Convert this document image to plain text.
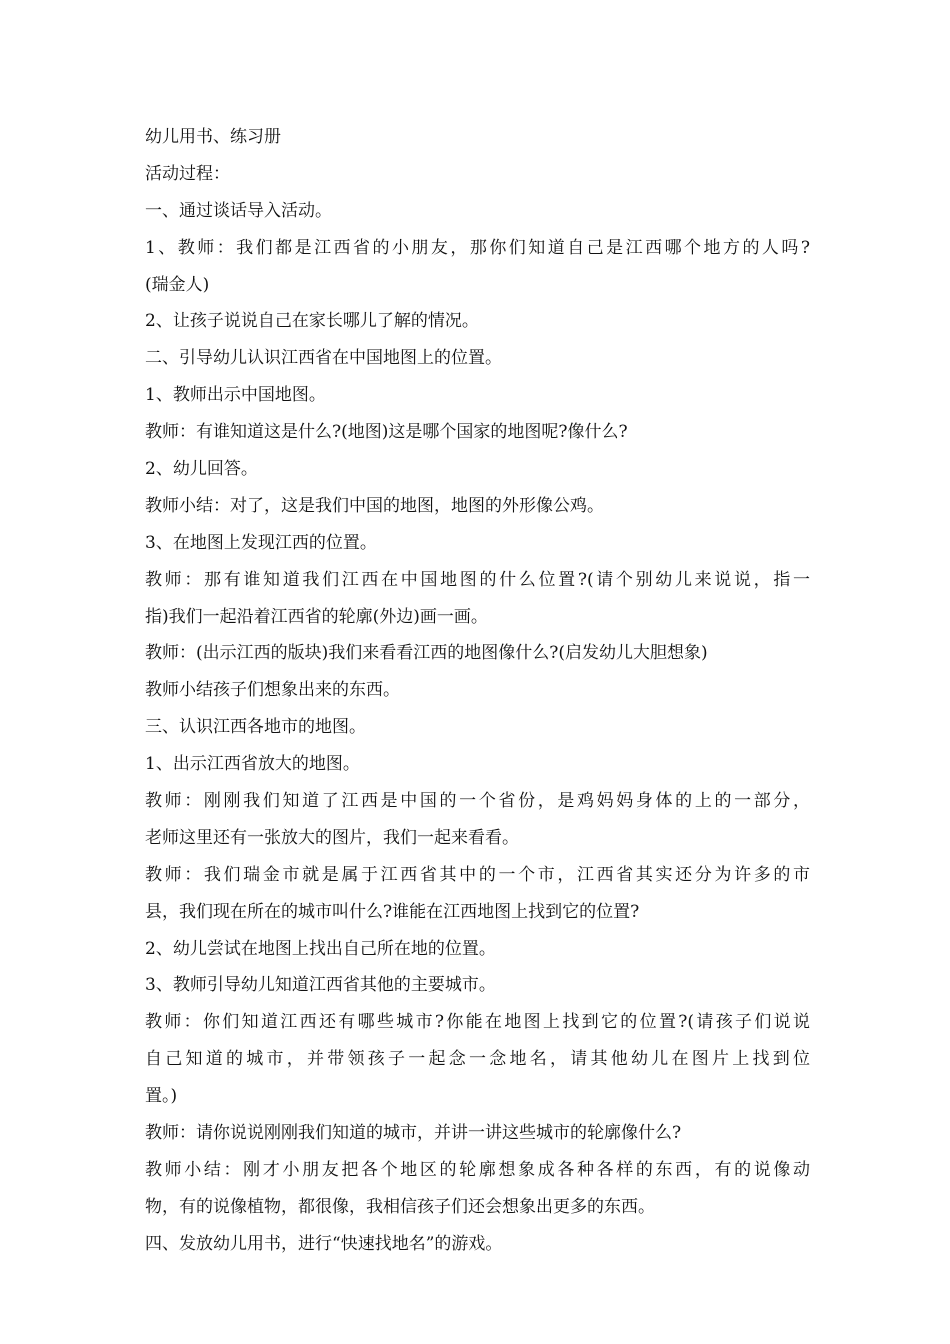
幼儿用书、练习册
活动过程：
一、通过谈话导入活动。
1、教师：我们都是江西省的小朋友，那你们知道自己是江西哪个地方的人吗?
(瑞金人)
2、让孩子说说自己在家长哪儿了解的情况。
二、引导幼儿认识江西省在中国地图上的位置。
1、教师出示中国地图。
教师：有谁知道这是什么?(地图)这是哪个国家的地图呢?像什么?
2、幼儿回答。
教师小结：对了，这是我们中国的地图，地图的外形像公鸡。
3、在地图上发现江西的位置。
教师：那有谁知道我们江西在中国地图的什么位置?(请个别幼儿来说说，指一
指)我们一起沿着江西省的轮廓(外边)画一画。
教师：(出示江西的版块)我们来看看江西的地图像什么?(启发幼儿大胆想象)
教师小结孩子们想象出来的东西。
三、认识江西各地市的地图。
1、出示江西省放大的地图。
教师：刚刚我们知道了江西是中国的一个省份，是鸡妈妈身体的上的一部分，
老师这里还有一张放大的图片，我们一起来看看。
教师：我们瑞金市就是属于江西省其中的一个市，江西省其实还分为许多的市
县，我们现在所在的城市叫什么?谁能在江西地图上找到它的位置?
2、幼儿尝试在地图上找出自己所在地的位置。
3、教师引导幼儿知道江西省其他的主要城市。
教师：你们知道江西还有哪些城市?你能在地图上找到它的位置?(请孩子们说说
自己知道的城市，并带领孩子一起念一念地名，请其他幼儿在图片上找到位
置。)
教师：请你说说刚刚我们知道的城市，并讲一讲这些城市的轮廓像什么?
教师小结：刚才小朋友把各个地区的轮廓想象成各种各样的东西，有的说像动
物，有的说像植物，都很像，我相信孩子们还会想象出更多的东西。
四、发放幼儿用书，进行“快速找地名”的游戏。
